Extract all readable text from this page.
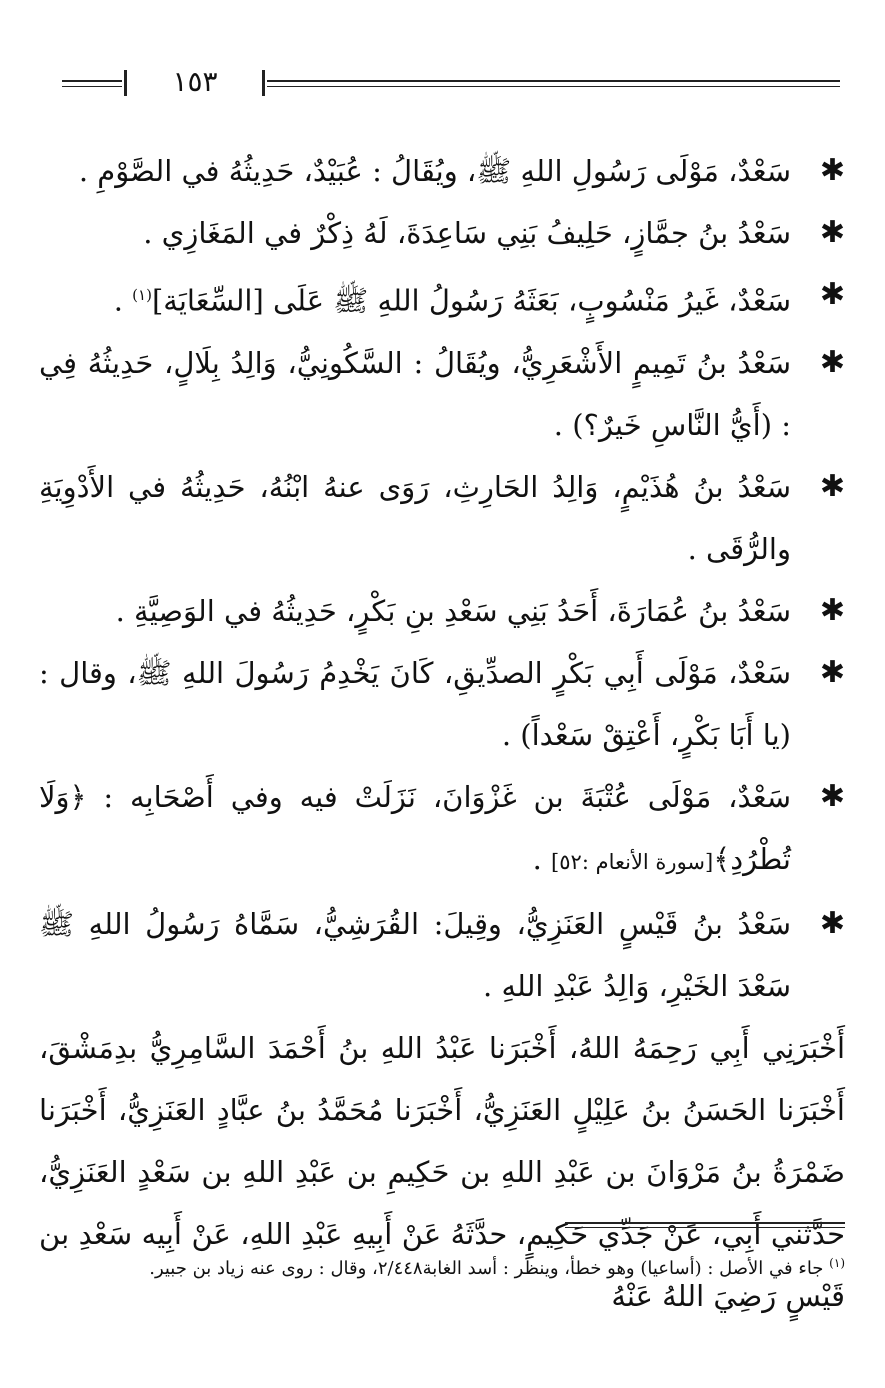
١٥٣

✱
سَعْدٌ، مَوْلَى رَسُولِ اللهِ ﷺ، ويُقَالُ : عُبَيْدٌ، حَدِيثُهُ في الصَّوْمِ .

✱
سَعْدُ بنُ جمَّازٍ، حَلِيفُ بَنِي سَاعِدَةَ، لَهُ ذِكْرٌ في المَغَازِي .

✱
سَعْدٌ، غَيرُ مَنْسُوبٍ، بَعَثَهُ رَسُولُ اللهِ ﷺ عَلَى [السِّعَايَة]$^{(١)}$ .

✱
سَعْدُ بنُ تَمِيمٍ الأَشْعَرِيُّ، ويُقَالُ : السَّكُونِيُّ، وَالِدُ بِلَالٍ، حَدِيثُهُ فِي : (أَيُّ النَّاسِ خَيرٌ؟) .

✱
سَعْدُ بنُ هُذَيْمٍ، وَالِدُ الحَارِثِ، رَوَى عنهُ ابْنُهُ، حَدِيثُهُ في الأَدْوِيَةِ والرُّقَى .

✱
سَعْدُ بنُ عُمَارَةَ، أَحَدُ بَنِي سَعْدِ بنِ بَكْرٍ، حَدِيثُهُ في الوَصِيَّةِ .

✱
سَعْدٌ، مَوْلَى أَبِي بَكْرٍ الصدِّيقِ، كَانَ يَخْدِمُ رَسُولَ اللهِ ﷺ، وقال : (يا أَبَا بَكْرٍ، أَعْتِقْ سَعْداً) .

✱
سَعْدٌ، مَوْلَى عُتْبَةَ بن غَزْوَانَ، نَزَلَتْ فيه وفي أَصْحَابِه : ﴿وَلَا تُطْرُدِ﴾[سورة الأنعام :٥٢] .

✱
سَعْدُ بنُ قَيْسٍ العَنَزِيُّ، وقِيلَ: القُرَشِيُّ، سَمَّاهُ رَسُولُ اللهِ ﷺ سَعْدَ الخَيْرِ، وَالِدُ عَبْدِ اللهِ .

أَخْبَرَنِي أَبِي رَحِمَهُ اللهُ، أَخْبَرَنا عَبْدُ اللهِ بنُ أَحْمَدَ السَّامِرِيُّ بدِمَشْقَ، أَخْبَرَنا الحَسَنُ بنُ عَلِيْلٍ العَنَزِيُّ، أَخْبَرَنا مُحَمَّدُ بنُ عبَّادٍ العَنَزِيُّ، أَخْبَرَنا ضَمْرَةُ بنُ مَرْوَانَ بن عَبْدِ اللهِ بن حَكِيمِ بن عَبْدِ اللهِ بن سَعْدٍ العَنَزِيُّ، حدَّثني أَبِي، عَنْ جَدِّي حَكِيمٍ، حدَّثَهُ عَنْ أَبِيهِ عَبْدِ اللهِ، عَنْ أَبِيه سَعْدِ بن قَيْسٍ رَضِيَ اللهُ عَنْهُ

$^{(١)}$ جاء في الأصل : (أساعيا) وهو خطأ، وينظر : أسد الغابة٢/٤٤٨، وقال : روى عنه زياد بن جبير.
